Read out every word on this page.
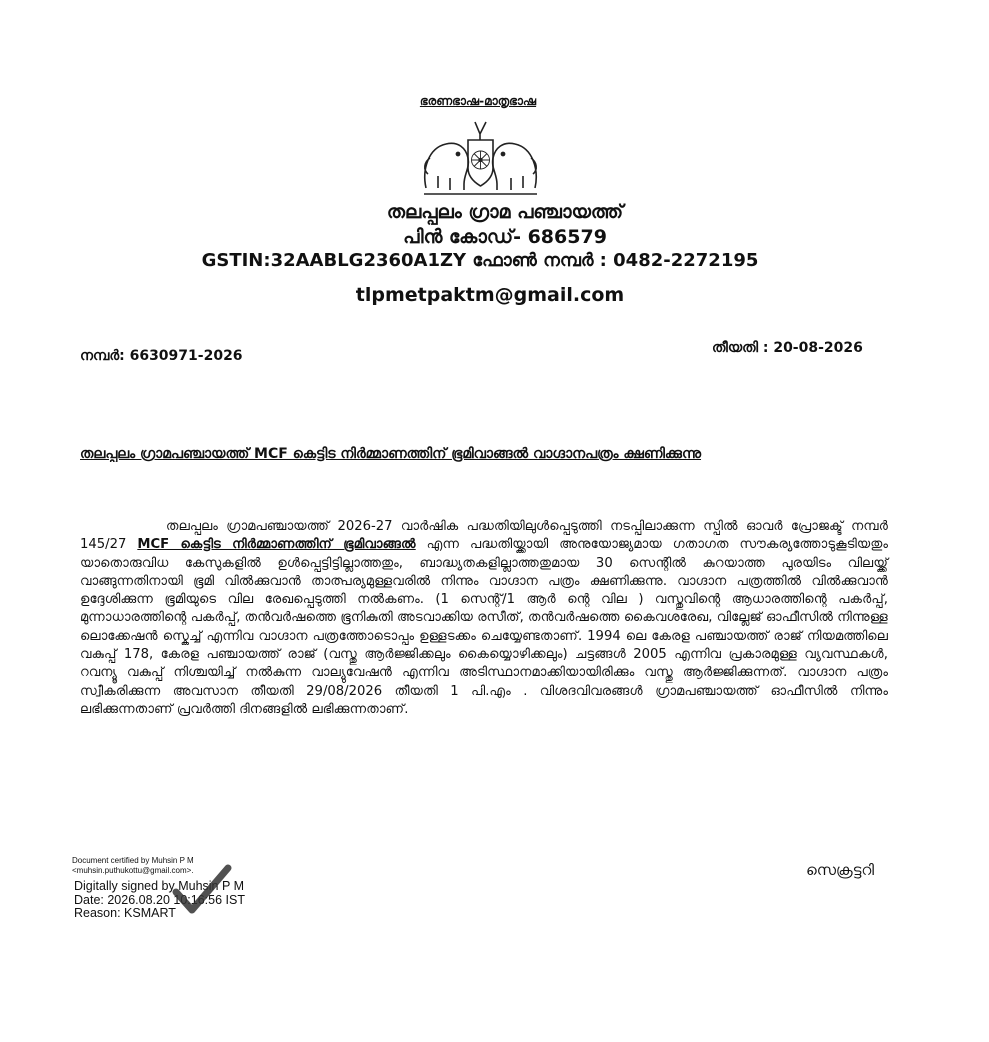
ഭരണഭാഷ-മാതൃഭാഷ
തലപ്പലം ഗ്രാമ പഞ്ചായത്ത്
പിൻ കോഡ്- 686579
GSTIN:32AABLG2360A1ZY ഫോൺ നമ്പർ : 0482-2272195
tlpmetpaktm@gmail.com
നമ്പർ: 6630971-2026	തീയതി : 20-08-2026
തലപ്പലം ഗ്രാമപഞ്ചായത്ത് MCF കെട്ടിട നിർമ്മാണത്തിന് ഭൂമിവാങ്ങൽ വാഗ്ദാനപത്രം ക്ഷണിക്കുന്നു
തലപ്പലം ഗ്രാമപഞ്ചായത്ത് 2026-27 വാർഷിക പദ്ധതിയിലുൾപ്പെടുത്തി നടപ്പിലാക്കുന്ന സ്പിൽ ഓവർ പ്രോജക്ട് നമ്പർ 145/27 MCF കെട്ടിട നിർമ്മാണത്തിന് ഭൂമിവാങ്ങൽ എന്ന പദ്ധതിയ്ക്കായി അനുയോജ്യമായ ഗതാഗത സൗകര്യത്തോടുകൂടിയതും യാതൊരുവിധ കേസുകളിൽ ഉൾപ്പെട്ടിട്ടില്ലാത്തതും, ബാദ്ധ്യതകളില്ലാത്തതുമായ 30 സെന്റിൽ കുറയാത്ത പുരയിടം വിലയ്ക്ക് വാങ്ങുന്നതിനായി ഭൂമി വിൽക്കുവാൻ താത്പര്യമുള്ളവരിൽ നിന്നും വാഗ്ദാന പത്രം ക്ഷണിക്കുന്നു. വാഗ്ദാന പത്രത്തിൽ വിൽക്കുവാൻ ഉദ്ദേശിക്കുന്ന ഭൂമിയുടെ വില രേഖപ്പെടുത്തി നൽകണം. (1 സെന്റ്/1 ആർ ന്റെ വില ) വസ്തുവിന്റെ ആധാരത്തിന്റെ പകർപ്പ്, മുന്നാധാരത്തിന്റെ പകർപ്പ്, തൻവർഷത്തെ ഭൂനികുതി അടവാക്കിയ രസീത്, തൻവർഷത്തെ കൈവശരേഖ, വില്ലേജ് ഓഫീസിൽ നിന്നുള്ള ലൊക്കേഷൻ സ്കെച്ച് എന്നിവ വാഗ്ദാന പത്രത്തോടൊപ്പം ഉള്ളടക്കം ചെയ്യേണ്ടതാണ്. 1994 ലെ കേരള പഞ്ചായത്ത് രാജ് നിയമത്തിലെ വകുപ്പ് 178, കേരള പഞ്ചായത്ത് രാജ് (വസ്തു ആർജ്ജിക്കലും കൈയ്യൊഴിക്കലും) ചട്ടങ്ങൾ 2005 എന്നിവ പ്രകാരമുള്ള വ്യവസ്ഥകൾ, റവന്യൂ വകുപ്പ് നിശ്ചയിച്ച് നൽകുന്ന വാല്യുവേഷൻ എന്നിവ അടിസ്ഥാനമാക്കിയായിരിക്കും വസ്തു ആർജ്ജിക്കുന്നത്. വാഗ്ദാന പത്രം സ്വീകരിക്കുന്ന അവസാന തീയതി 29/08/2026 തീയതി 1 പി.എം . വിശദവിവരങ്ങൾ ഗ്രാമപഞ്ചായത്ത് ഓഫീസിൽ നിന്നും ലഭിക്കുന്നതാണ് പ്രവർത്തി ദിനങ്ങളിൽ ലഭിക്കുന്നതാണ്.
Document certified by Muhsin P M
<muhsin.puthukottu@gmail.com>.
Digitally signed by Muhsin P M
Date: 2026.08.20 10:16:56 IST
Reason: KSMART
സെക്രട്ടറി
